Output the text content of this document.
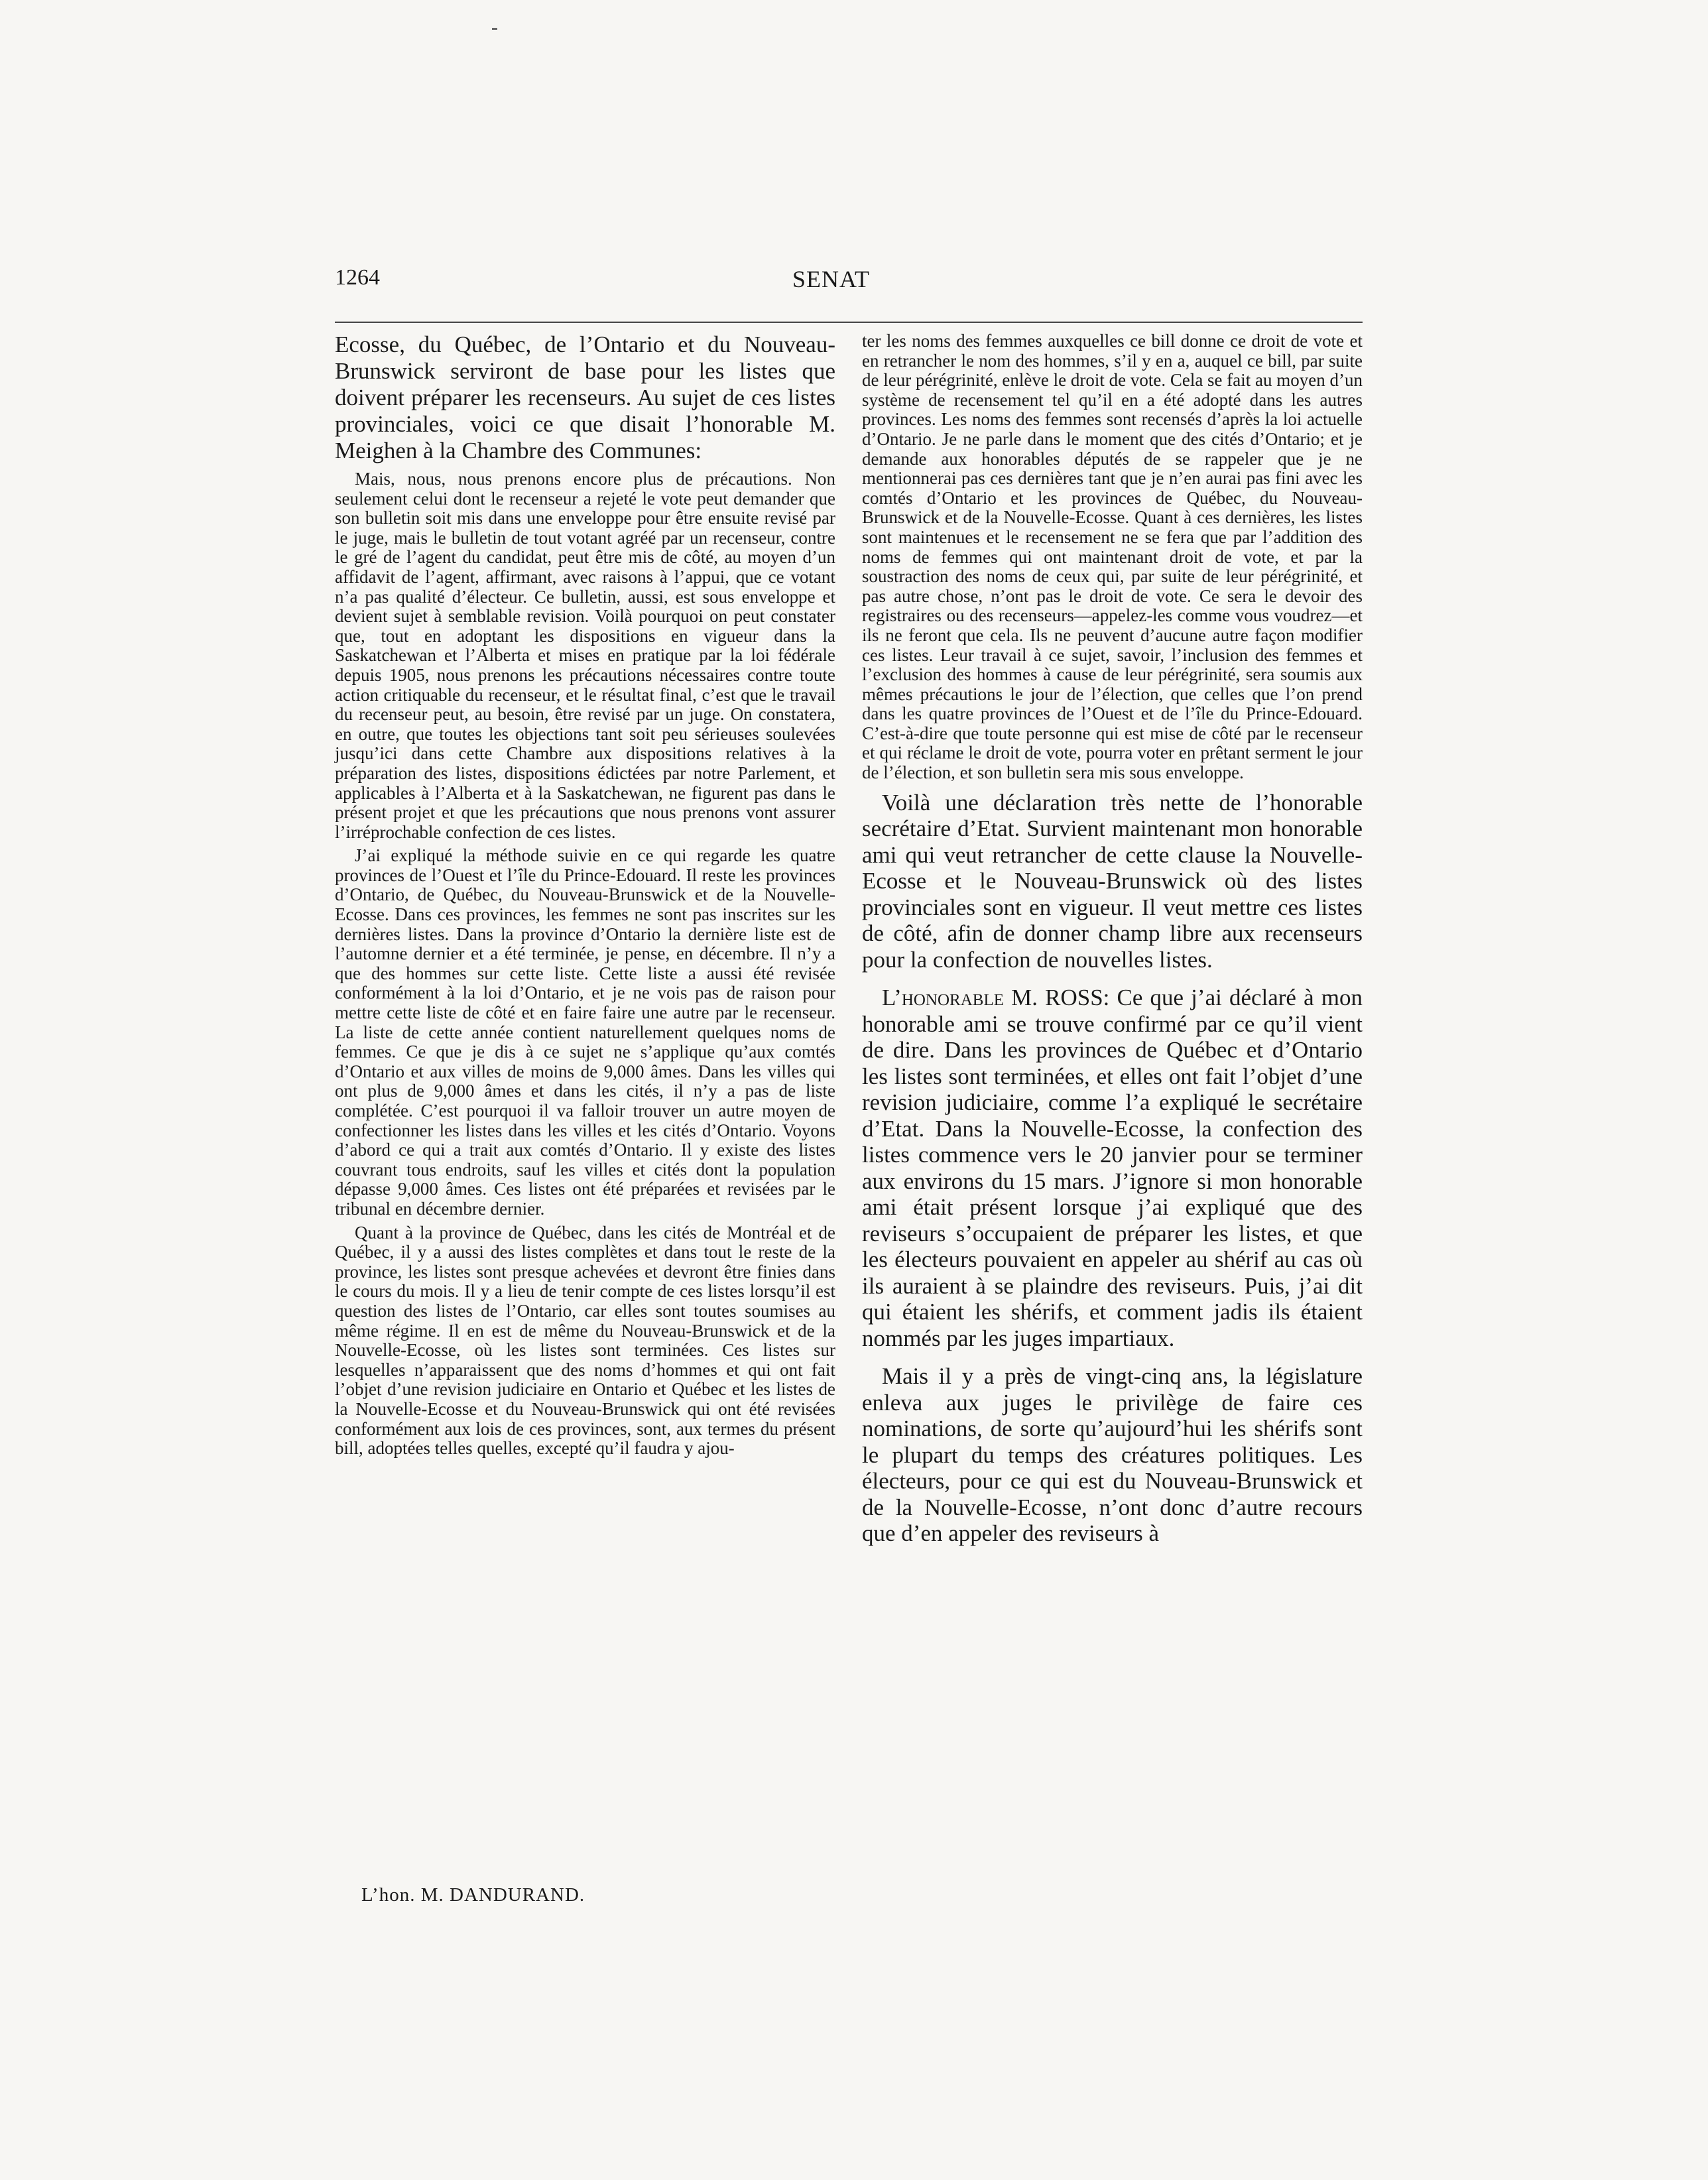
1264	SENAT

Ecosse, du Québec, de l’Ontario et du Nouveau-Brunswick serviront de base pour les listes que doivent préparer les recenseurs. Au sujet de ces listes provinciales, voici ce que disait l’honorable M. Meighen à la Chambre des Communes:

Mais, nous, nous prenons encore plus de précautions. Non seulement celui dont le recenseur a rejeté le vote peut demander que son bulletin soit mis dans une enveloppe pour être ensuite revisé par le juge, mais le bulletin de tout votant agréé par un recenseur, contre le gré de l’agent du candidat, peut être mis de côté, au moyen d’un affidavit de l’agent, affirmant, avec raisons à l’appui, que ce votant n’a pas qualité d’électeur. Ce bulletin, aussi, est sous enveloppe et devient sujet à semblable revision. Voilà pourquoi on peut constater que, tout en adoptant les dispositions en vigueur dans la Saskatchewan et l’Alberta et mises en pratique par la loi fédérale depuis 1905, nous prenons les précautions nécessaires contre toute action critiquable du recenseur, et le résultat final, c’est que le travail du recenseur peut, au besoin, être revisé par un juge. On constatera, en outre, que toutes les objections tant soit peu sérieuses soulevées jusqu’ici dans cette Chambre aux dispositions relatives à la préparation des listes, dispositions édictées par notre Parlement, et applicables à l’Alberta et à la Saskatchewan, ne figurent pas dans le présent projet et que les précautions que nous prenons vont assurer l’irréprochable confection de ces listes.

J’ai expliqué la méthode suivie en ce qui regarde les quatre provinces de l’Ouest et l’île du Prince-Edouard. Il reste les provinces d’Ontario, de Québec, du Nouveau-Brunswick et de la Nouvelle-Ecosse. Dans ces provinces, les femmes ne sont pas inscrites sur les dernières listes. Dans la province d’Ontario la dernière liste est de l’automne dernier et a été terminée, je pense, en décembre. Il n’y a que des hommes sur cette liste. Cette liste a aussi été revisée conformément à la loi d’Ontario, et je ne vois pas de raison pour mettre cette liste de côté et en faire faire une autre par le recenseur. La liste de cette année contient naturellement quelques noms de femmes. Ce que je dis à ce sujet ne s’applique qu’aux comtés d’Ontario et aux villes de moins de 9,000 âmes. Dans les villes qui ont plus de 9,000 âmes et dans les cités, il n’y a pas de liste complétée. C’est pourquoi il va falloir trouver un autre moyen de confectionner les listes dans les villes et les cités d’Ontario. Voyons d’abord ce qui a trait aux comtés d’Ontario. Il y existe des listes couvrant tous endroits, sauf les villes et cités dont la population dépasse 9,000 âmes. Ces listes ont été préparées et revisées par le tribunal en décembre dernier.

Quant à la province de Québec, dans les cités de Montréal et de Québec, il y a aussi des listes complètes et dans tout le reste de la province, les listes sont presque achevées et devront être finies dans le cours du mois. Il y a lieu de tenir compte de ces listes lorsqu’il est question des listes de l’Ontario, car elles sont toutes soumises au même régime. Il en est de même du Nouveau-Brunswick et de la Nouvelle-Ecosse, où les listes sont terminées. Ces listes sur lesquelles n’apparaissent que des noms d’hommes et qui ont fait l’objet d’une revision judiciaire en Ontario et Québec et les listes de la Nouvelle-Ecosse et du Nouveau-Brunswick qui ont été revisées conformément aux lois de ces provinces, sont, aux termes du présent bill, adoptées telles quelles, excepté qu’il faudra y ajou-

L’hon. M. DANDURAND.

ter les noms des femmes auxquelles ce bill donne ce droit de vote et en retrancher le nom des hommes, s’il y en a, auquel ce bill, par suite de leur pérégrinité, enlève le droit de vote. Cela se fait au moyen d’un système de recensement tel qu’il en a été adopté dans les autres provinces. Les noms des femmes sont recensés d’après la loi actuelle d’Ontario. Je ne parle dans le moment que des cités d’Ontario; et je demande aux honorables députés de se rappeler que je ne mentionnerai pas ces dernières tant que je n’en aurai pas fini avec les comtés d’Ontario et les provinces de Québec, du Nouveau-Brunswick et de la Nouvelle-Ecosse. Quant à ces dernières, les listes sont maintenues et le recensement ne se fera que par l’addition des noms de femmes qui ont maintenant droit de vote, et par la soustraction des noms de ceux qui, par suite de leur pérégrinité, et pas autre chose, n’ont pas le droit de vote. Ce sera le devoir des registraires ou des recenseurs—appelez-les comme vous voudrez—et ils ne feront que cela. Ils ne peuvent d’aucune autre façon modifier ces listes. Leur travail à ce sujet, savoir, l’inclusion des femmes et l’exclusion des hommes à cause de leur pérégrinité, sera soumis aux mêmes précautions le jour de l’élection, que celles que l’on prend dans les quatre provinces de l’Ouest et de l’île du Prince-Edouard. C’est-à-dire que toute personne qui est mise de côté par le recenseur et qui réclame le droit de vote, pourra voter en prêtant serment le jour de l’élection, et son bulletin sera mis sous enveloppe.

Voilà une déclaration très nette de l’honorable secrétaire d’Etat. Survient maintenant mon honorable ami qui veut retrancher de cette clause la Nouvelle-Ecosse et le Nouveau-Brunswick où des listes provinciales sont en vigueur. Il veut mettre ces listes de côté, afin de donner champ libre aux recenseurs pour la confection de nouvelles listes.

L’honorable M. ROSS: Ce que j’ai déclaré à mon honorable ami se trouve confirmé par ce qu’il vient de dire. Dans les provinces de Québec et d’Ontario les listes sont terminées, et elles ont fait l’objet d’une revision judiciaire, comme l’a expliqué le secrétaire d’Etat. Dans la Nouvelle-Ecosse, la confection des listes commence vers le 20 janvier pour se terminer aux environs du 15 mars. J’ignore si mon honorable ami était présent lorsque j’ai expliqué que des reviseurs s’occupaient de préparer les listes, et que les électeurs pouvaient en appeler au shérif au cas où ils auraient à se plaindre des reviseurs. Puis, j’ai dit qui étaient les shérifs, et comment jadis ils étaient nommés par les juges impartiaux.

Mais il y a près de vingt-cinq ans, la législature enleva aux juges le privilège de faire ces nominations, de sorte qu’aujourd’hui les shérifs sont le plupart du temps des créatures politiques. Les électeurs, pour ce qui est du Nouveau-Brunswick et de la Nouvelle-Ecosse, n’ont donc d’autre recours que d’en appeler des reviseurs à
